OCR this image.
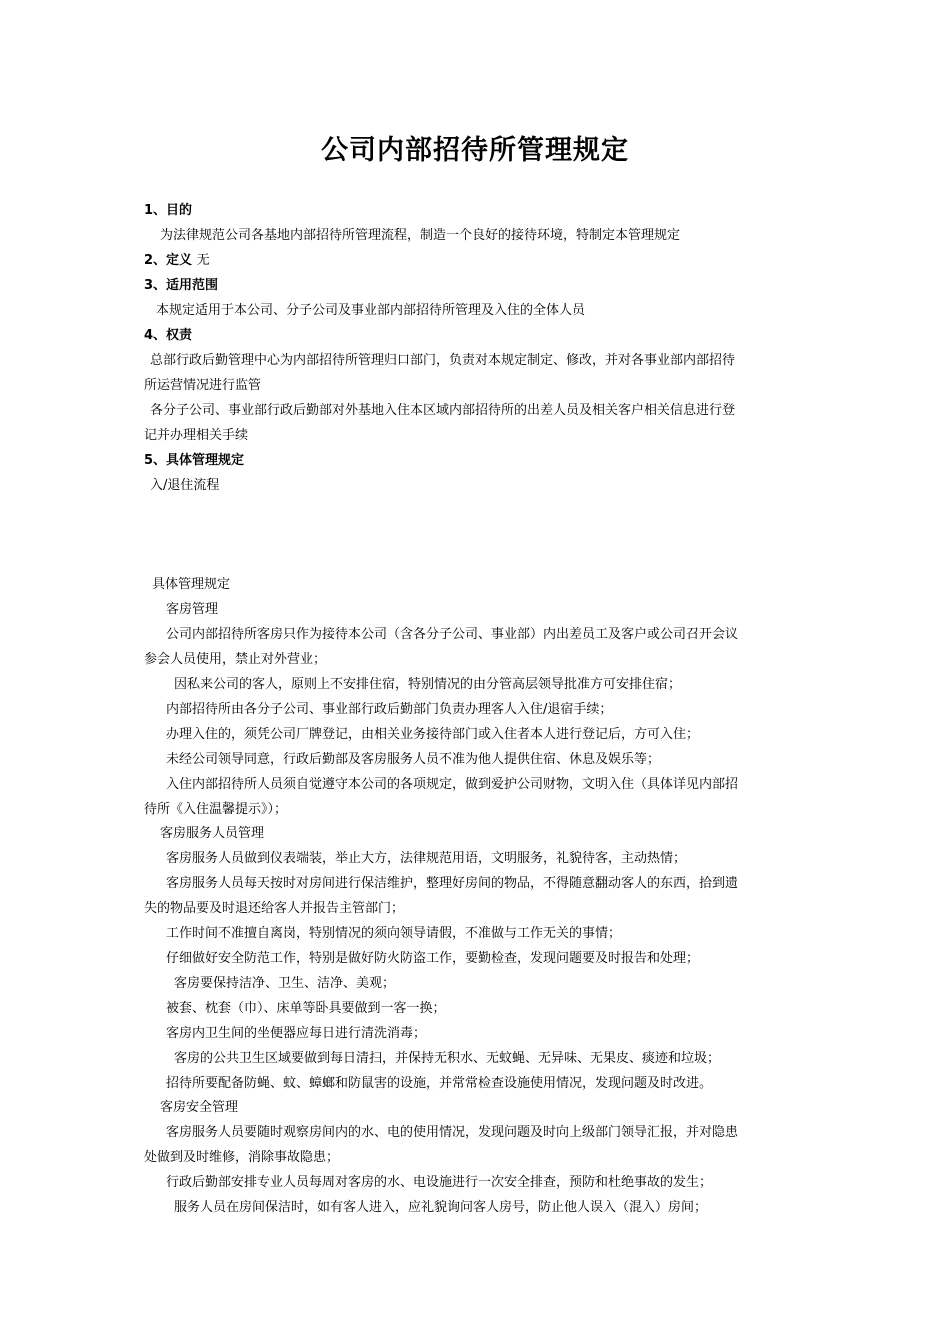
公司内部招待所管理规定
1、目的
为法律规范公司各基地内部招待所管理流程，制造一个良好的接待环境，特制定本管理规定
2、定义 无
3、适用范围
本规定适用于本公司、分子公司及事业部内部招待所管理及入住的全体人员
4、权责
总部行政后勤管理中心为内部招待所管理归口部门，负责对本规定制定、修改，并对各事业部内部招待
所运营情况进行监管
各分子公司、事业部行政后勤部对外基地入住本区域内部招待所的出差人员及相关客户相关信息进行登
记并办理相关手续
5、具体管理规定
入/退住流程
具体管理规定
客房管理
公司内部招待所客房只作为接待本公司（含各分子公司、事业部）内出差员工及客户或公司召开会议
参会人员使用，禁止对外营业；
因私来公司的客人，原则上不安排住宿，特别情况的由分管高层领导批准方可安排住宿；
内部招待所由各分子公司、事业部行政后勤部门负责办理客人入住/退宿手续；
办理入住的，须凭公司厂牌登记，由相关业务接待部门或入住者本人进行登记后，方可入住；
未经公司领导同意，行政后勤部及客房服务人员不准为他人提供住宿、休息及娱乐等；
入住内部招待所人员须自觉遵守本公司的各项规定，做到爱护公司财物，文明入住（具体详见内部招
待所《入住温馨提示》）；
客房服务人员管理
客房服务人员做到仪表端装，举止大方，法律规范用语，文明服务，礼貌待客，主动热情；
客房服务人员每天按时对房间进行保洁维护，整理好房间的物品，不得随意翻动客人的东西，拾到遗
失的物品要及时退还给客人并报告主管部门；
工作时间不准擅自离岗，特别情况的须向领导请假，不准做与工作无关的事情；
仔细做好安全防范工作，特别是做好防火防盗工作，要勤检查，发现问题要及时报告和处理；
客房要保持洁净、卫生、洁净、美观；
被套、枕套（巾）、床单等卧具要做到一客一换；
客房内卫生间的坐便器应每日进行清洗消毒；
客房的公共卫生区域要做到每日清扫，并保持无积水、无蚊蝇、无异味、无果皮、痰迹和垃圾；
招待所要配备防蝇、蚊、蟑螂和防鼠害的设施，并常常检查设施使用情况，发现问题及时改进。
客房安全管理
客房服务人员要随时观察房间内的水、电的使用情况，发现问题及时向上级部门领导汇报，并对隐患
处做到及时维修，消除事故隐患；
行政后勤部安排专业人员每周对客房的水、电设施进行一次安全排查，预防和杜绝事故的发生；
服务人员在房间保洁时，如有客人进入，应礼貌询问客人房号，防止他人误入（混入）房间；
